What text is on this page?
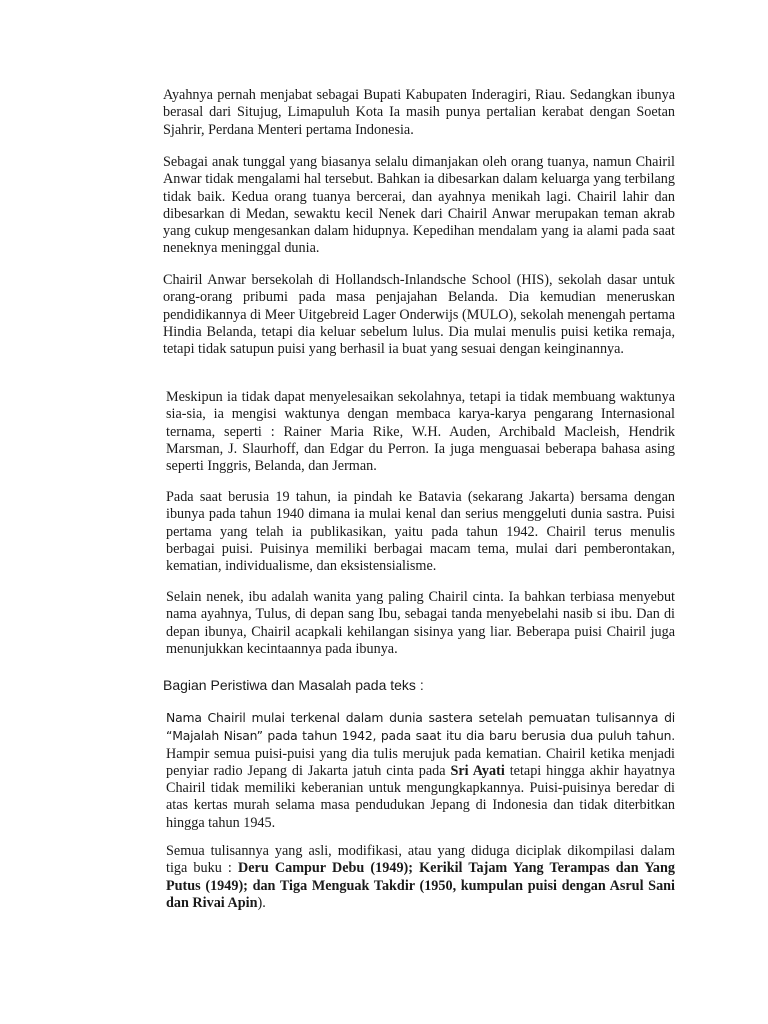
Ayahnya pernah menjabat sebagai Bupati Kabupaten Inderagiri, Riau. Sedangkan ibunya berasal dari Situjug, Limapuluh Kota Ia masih punya pertalian kerabat dengan Soetan Sjahrir, Perdana Menteri pertama Indonesia.

Sebagai anak tunggal yang biasanya selalu dimanjakan oleh orang tuanya, namun Chairil Anwar tidak mengalami hal tersebut. Bahkan ia dibesarkan dalam keluarga yang terbilang tidak baik. Kedua orang tuanya bercerai, dan ayahnya menikah lagi. Chairil lahir dan dibesarkan di Medan, sewaktu kecil Nenek dari Chairil Anwar merupakan teman akrab yang cukup mengesankan dalam hidupnya. Kepedihan mendalam yang ia alami pada saat neneknya meninggal dunia.

Chairil Anwar bersekolah di Hollandsch-Inlandsche School (HIS), sekolah dasar untuk orang-orang pribumi pada masa penjajahan Belanda. Dia kemudian meneruskan pendidikannya di Meer Uitgebreid Lager Onderwijs (MULO), sekolah menengah pertama Hindia Belanda, tetapi dia keluar sebelum lulus. Dia mulai menulis puisi ketika remaja, tetapi tidak satupun puisi yang berhasil ia buat yang sesuai dengan keinginannya.

Meskipun ia tidak dapat menyelesaikan sekolahnya, tetapi ia tidak membuang waktunya sia-sia, ia mengisi waktunya dengan membaca karya-karya pengarang Internasional ternama, seperti : Rainer Maria Rike, W.H. Auden, Archibald Macleish, Hendrik Marsman, J. Slaurhoff, dan Edgar du Perron. Ia juga menguasai beberapa bahasa asing seperti Inggris, Belanda, dan Jerman.

Pada saat berusia 19 tahun, ia pindah ke Batavia (sekarang Jakarta) bersama dengan ibunya pada tahun 1940 dimana ia mulai kenal dan serius menggeluti dunia sastra. Puisi pertama yang telah ia publikasikan, yaitu pada tahun 1942. Chairil terus menulis berbagai puisi. Puisinya memiliki berbagai macam tema, mulai dari pemberontakan, kematian, individualisme, dan eksistensialisme.

Selain nenek, ibu adalah wanita yang paling Chairil cinta. Ia bahkan terbiasa menyebut nama ayahnya, Tulus, di depan sang Ibu, sebagai tanda menyebelahi nasib si ibu. Dan di depan ibunya, Chairil acapkali kehilangan sisinya yang liar. Beberapa puisi Chairil juga menunjukkan kecintaannya pada ibunya.

Bagian Peristiwa dan Masalah pada teks :

Nama Chairil mulai terkenal dalam dunia sastera setelah pemuatan tulisannya di “Majalah Nisan” pada tahun 1942, pada saat itu dia baru berusia dua puluh tahun. Hampir semua puisi-puisi yang dia tulis merujuk pada kematian. Chairil ketika menjadi penyiar radio Jepang di Jakarta jatuh cinta pada Sri Ayati tetapi hingga akhir hayatnya Chairil tidak memiliki keberanian untuk mengungkapkannya. Puisi-puisinya beredar di atas kertas murah selama masa pendudukan Jepang di Indonesia dan tidak diterbitkan hingga tahun 1945.

Semua tulisannya yang asli, modifikasi, atau yang diduga diciplak dikompilasi dalam tiga buku : Deru Campur Debu (1949); Kerikil Tajam Yang Terampas dan Yang Putus (1949); dan Tiga Menguak Takdir (1950, kumpulan puisi dengan Asrul Sani dan Rivai Apin).
